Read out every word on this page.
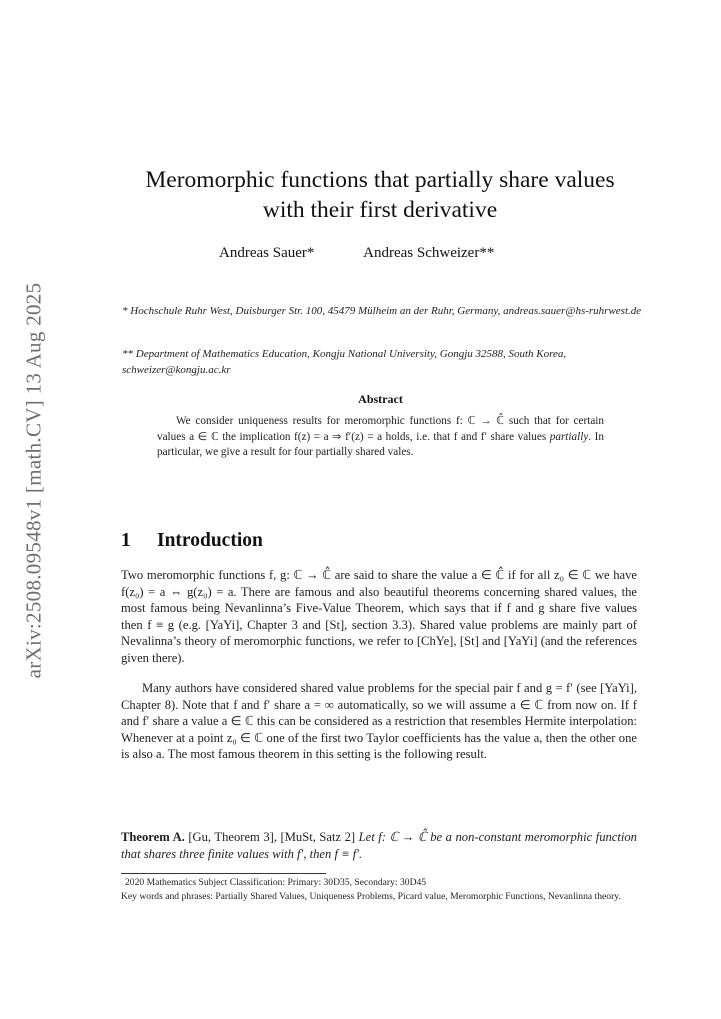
arXiv:2508.09548v1 [math.CV] 13 Aug 2025
Meromorphic functions that partially share values
with their first derivative
Andreas Sauer*	Andreas Schweizer**
* Hochschule Ruhr West, Duisburger Str. 100, 45479 Mülheim an der Ruhr, Germany, andreas.sauer@hs-ruhrwest.de
** Department of Mathematics Education, Kongju National University, Gongju 32588, South Korea, schweizer@kongju.ac.kr
Abstract
We consider uniqueness results for meromorphic functions f: ℂ → ℂ̂ such that for certain values a ∈ ℂ the implication f(z) = a ⇒ f′(z) = a holds, i.e. that f and f′ share values partially. In particular, we give a result for four partially shared vales.
1 Introduction
Two meromorphic functions f, g: ℂ → ℂ̂ are said to share the value a ∈ ℂ̂ if for all z₀ ∈ ℂ we have f(z₀) = a ⇔ g(z₀) = a. There are famous and also beautiful theorems concerning shared values, the most famous being Nevanlinna’s Five-Value Theorem, which says that if f and g share five values then f ≡ g (e.g. [YaYi], Chapter 3 and [St], section 3.3). Shared value problems are mainly part of Nevalinna’s theory of meromorphic functions, we refer to [ChYe], [St] and [YaYi] (and the references given there).
Many authors have considered shared value problems for the special pair f and g = f′ (see [YaYi], Chapter 8). Note that f and f′ share a = ∞ automatically, so we will assume a ∈ ℂ from now on. If f and f′ share a value a ∈ ℂ this can be considered as a restriction that resembles Hermite interpolation: Whenever at a point z₀ ∈ ℂ one of the first two Taylor coefficients has the value a, then the other one is also a. The most famous theorem in this setting is the following result.
Theorem A. [Gu, Theorem 3], [MuSt, Satz 2] Let f: ℂ → ℂ̂ be a non-constant meromorphic function that shares three finite values with f′, then f ≡ f′.
2020 Mathematics Subject Classification: Primary: 30D35, Secondary: 30D45
Key words and phrases: Partially Shared Values, Uniqueness Problems, Picard value, Meromorphic Functions, Nevanlinna theory.
